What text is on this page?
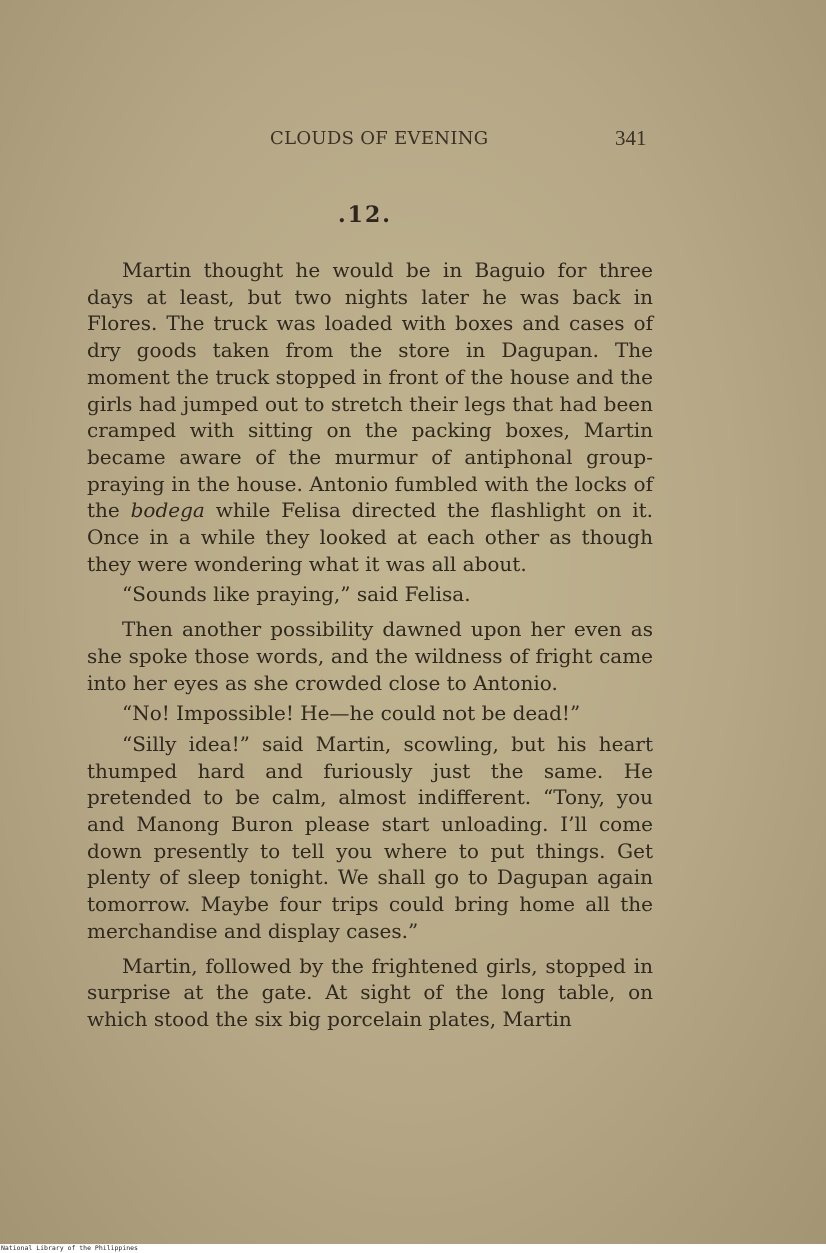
CLOUDS OF EVENING	341
.12.

Martin thought he would be in Baguio for three days at least, but two nights later he was back in Flores. The truck was loaded with boxes and cases of dry goods taken from the store in Dagupan. The moment the truck stopped in front of the house and the girls had jumped out to stretch their legs that had been cramped with sitting on the packing boxes, Martin became aware of the murmur of antiphonal group-praying in the house. Antonio fumbled with the locks of the bodega while Felisa directed the flashlight on it. Once in a while they looked at each other as though they were wondering what it was all about.

“Sounds like praying,” said Felisa.

Then another possibility dawned upon her even as she spoke those words, and the wildness of fright came into her eyes as she crowded close to Antonio.

“No! Impossible! He—he could not be dead!”

“Silly idea!” said Martin, scowling, but his heart thumped hard and furiously just the same. He pretended to be calm, almost indifferent. “Tony, you and Manong Buron please start unloading. I’ll come down presently to tell you where to put things. Get plenty of sleep tonight. We shall go to Dagupan again tomorrow. Maybe four trips could bring home all the merchandise and display cases.”

Martin, followed by the frightened girls, stopped in surprise at the gate. At sight of the long table, on which stood the six big porcelain plates, Martin

National Library of the Philippines
